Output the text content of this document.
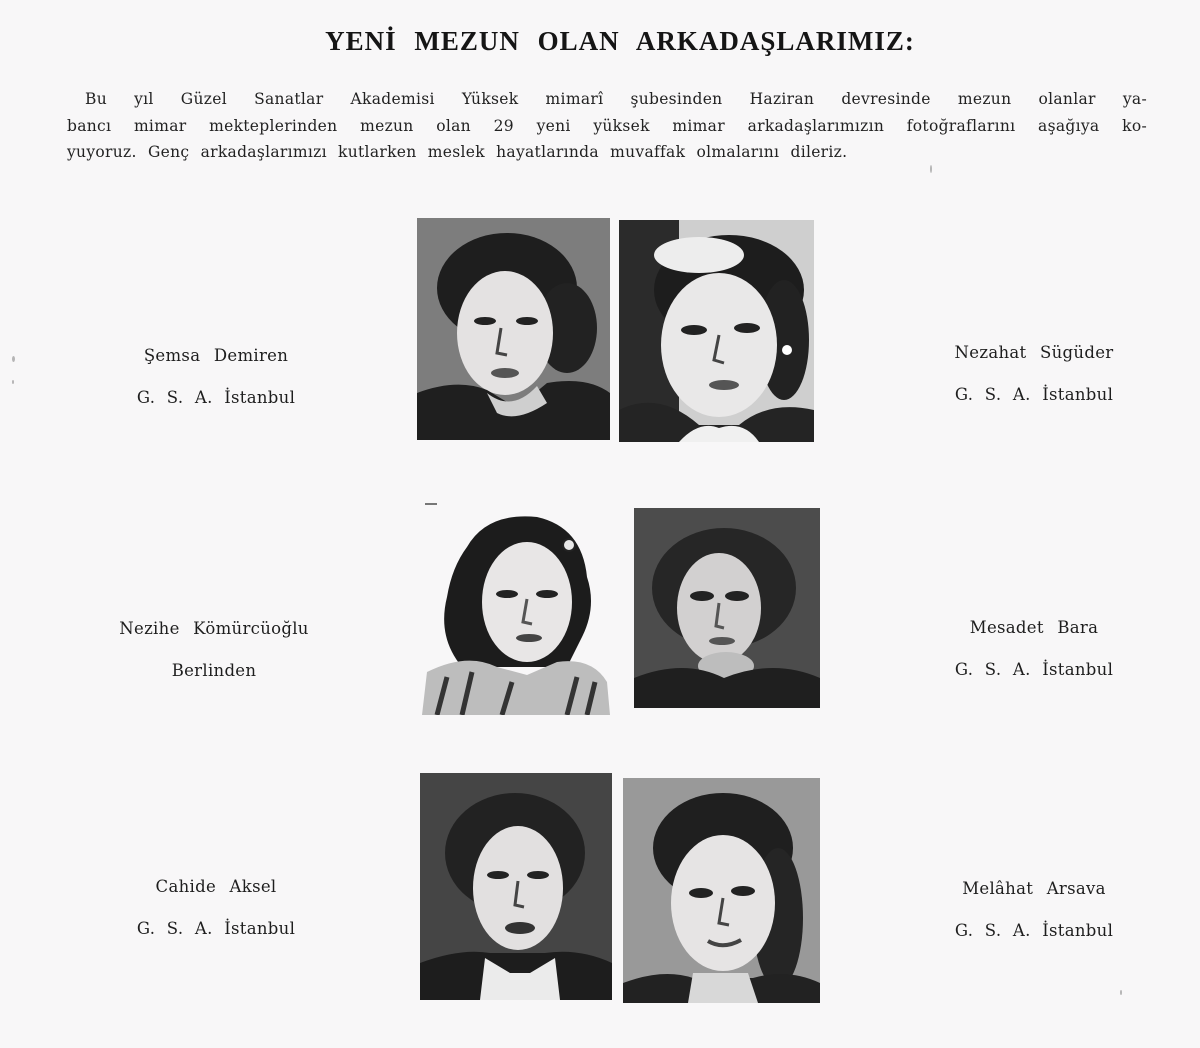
YENİ MEZUN OLAN ARKADAŞLARIMIZ:
Bu yıl Güzel Sanatlar Akademisi Yüksek mimarî şubesinden Haziran devresinde mezun olanlar ya-
bancı mimar mekteplerinden mezun olan 29 yeni yüksek mimar arkadaşlarımızın fotoğraflarını aşağıya ko-
yuyoruz. Genç arkadaşlarımızı kutlarken meslek hayatlarında muvaffak olmalarını dileriz.
Şemsa Demiren
G. S. A. İstanbul
Nezahat Sügüder
G. S. A. İstanbul
Nezihe Kömürcüoğlu
Berlinden
Mesadet Bara
G. S. A. İstanbul
Cahide Aksel
G. S. A. İstanbul
Melâhat Arsava
G. S. A. İstanbul
